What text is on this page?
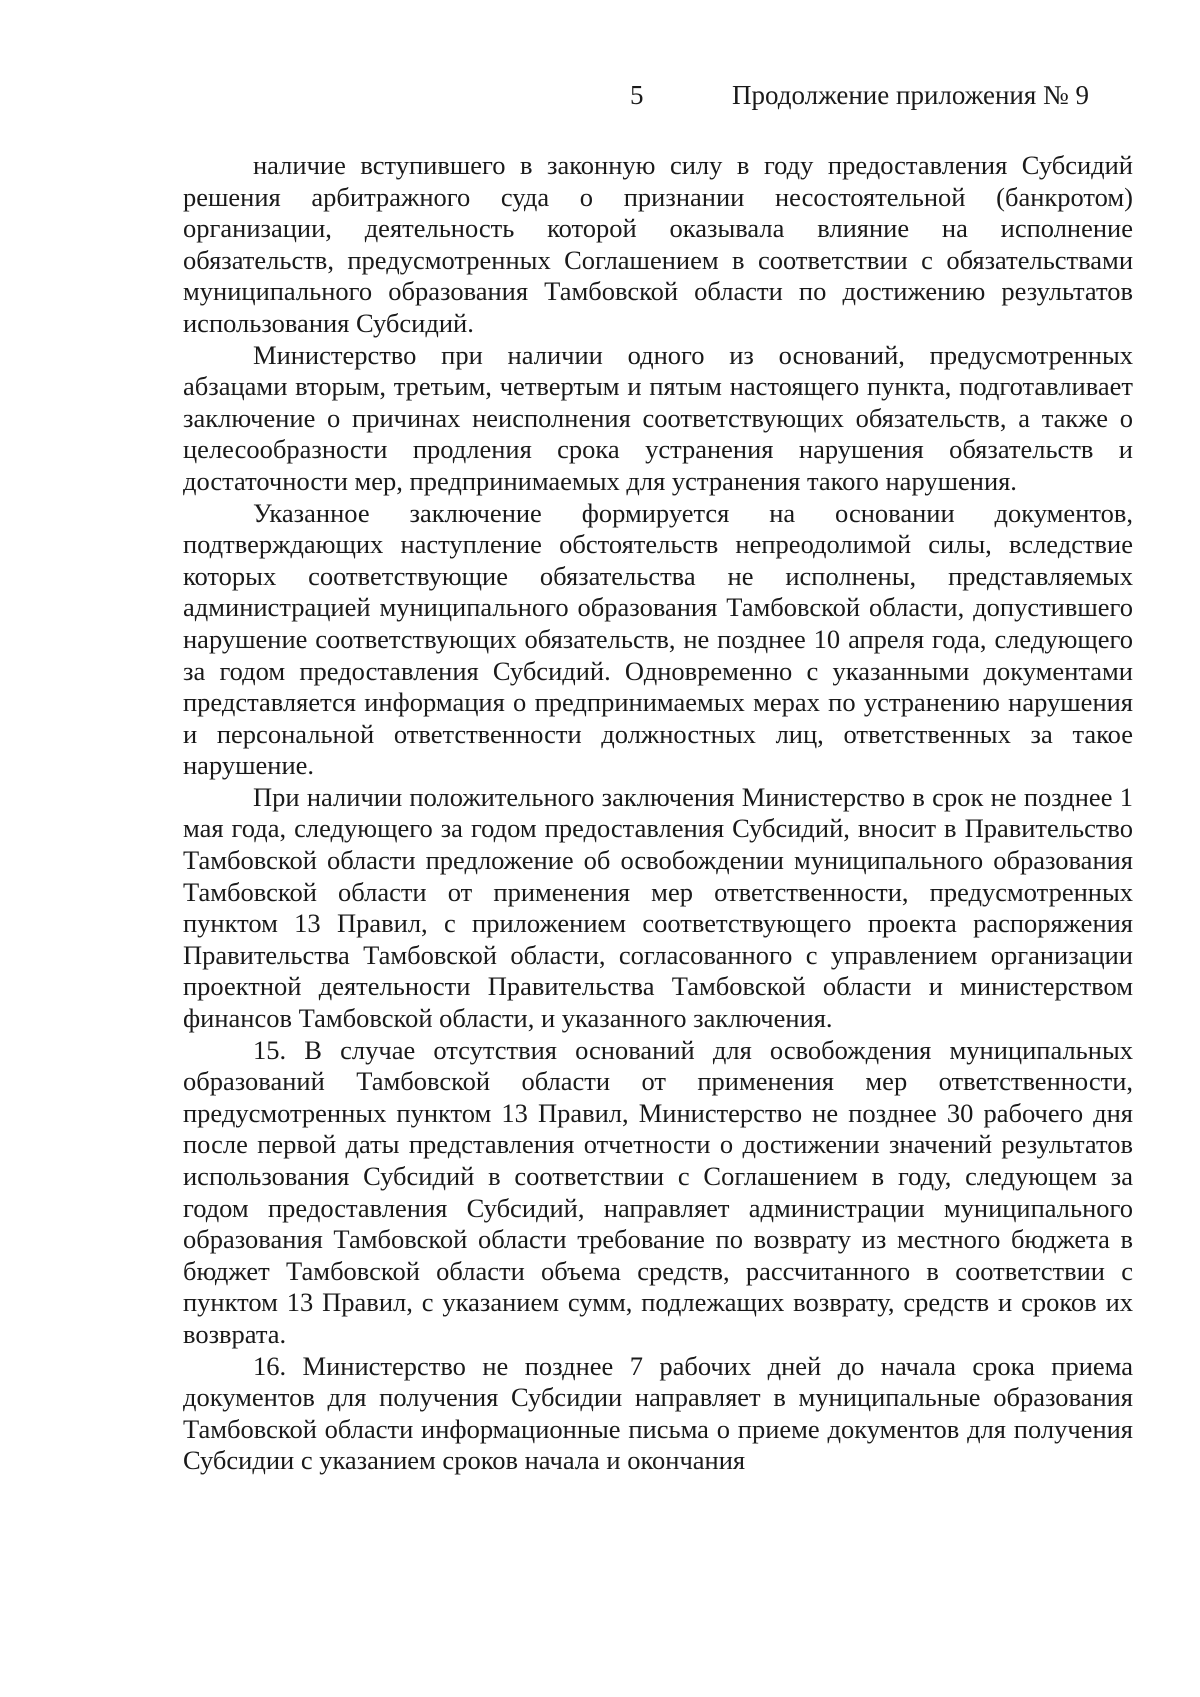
5	Продолжение приложения № 9

наличие вступившего в законную силу в году предоставления Субсидий решения арбитражного суда о признании несостоятельной (банкротом) организации, деятельность которой оказывала влияние на исполнение обязательств, предусмотренных Соглашением в соответствии с обязательствами муниципального образования Тамбовской области по достижению результатов использования Субсидий.

Министерство при наличии одного из оснований, предусмотренных абзацами вторым, третьим, четвертым и пятым настоящего пункта, подготавливает заключение о причинах неисполнения соответствующих обязательств, а также о целесообразности продления срока устранения нарушения обязательств и достаточности мер, предпринимаемых для устранения такого нарушения.

Указанное заключение формируется на основании документов, подтверждающих наступление обстоятельств непреодолимой силы, вследствие которых соответствующие обязательства не исполнены, представляемых администрацией муниципального образования Тамбовской области, допустившего нарушение соответствующих обязательств, не позднее 10 апреля года, следующего за годом предоставления Субсидий. Одновременно с указанными документами представляется информация о предпринимаемых мерах по устранению нарушения и персональной ответственности должностных лиц, ответственных за такое нарушение.

При наличии положительного заключения Министерство в срок не позднее 1 мая года, следующего за годом предоставления Субсидий, вносит в Правительство Тамбовской области предложение об освобождении муниципального образования Тамбовской области от применения мер ответственности, предусмотренных пунктом 13 Правил, с приложением соответствующего проекта распоряжения Правительства Тамбовской области, согласованного с управлением организации проектной деятельности Правительства Тамбовской области и министерством финансов Тамбовской области, и указанного заключения.

15. В случае отсутствия оснований для освобождения муниципальных образований Тамбовской области от применения мер ответственности, предусмотренных пунктом 13 Правил, Министерство не позднее 30 рабочего дня после первой даты представления отчетности о достижении значений результатов использования Субсидий в соответствии с Соглашением в году, следующем за годом предоставления Субсидий, направляет администрации муниципального образования Тамбовской области требование по возврату из местного бюджета в бюджет Тамбовской области объема средств, рассчитанного в соответствии с пунктом 13 Правил, с указанием сумм, подлежащих возврату, средств и сроков их возврата.

16. Министерство не позднее 7 рабочих дней до начала срока приема документов для получения Субсидии направляет в муниципальные образования Тамбовской области информационные письма о приеме документов для получения Субсидии с указанием сроков начала и окончания
